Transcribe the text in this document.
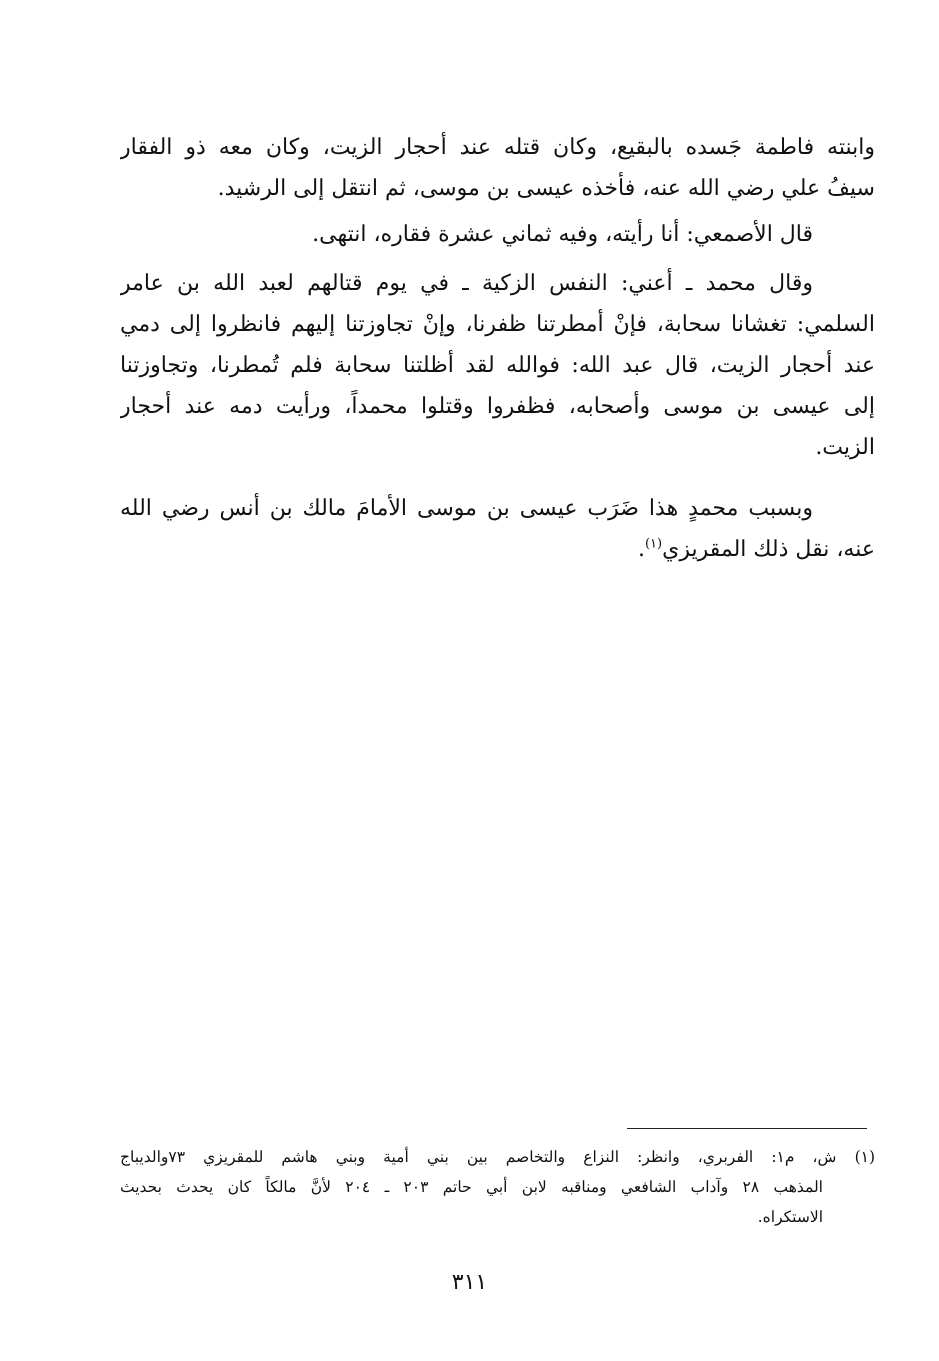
وابنته فاطمة جَسده بالبقيع، وكان قتله عند أحجار الزيت، وكان معه ذو الفقار
سيفُ علي رضي الله عنه، فأخذه عيسى بن موسى، ثم انتقل إلى الرشيد.
قال الأصمعي: أنا رأيته، وفيه ثماني عشرة فقاره، انتهى.
وقال محمد ـ أعني: النفس الزكية ـ في يوم قتالهم لعبد الله بن عامر
السلمي: تغشانا سحابة، فإنْ أمطرتنا ظفرنا، وإنْ تجاوزتنا إليهم فانظروا إلى دمي
عند أحجار الزيت، قال عبد الله: فوالله لقد أظلتنا سحابة فلم تُمطرنا، وتجاوزتنا
إلى عيسى بن موسى وأصحابه، فظفروا وقتلوا محمداً، ورأيت دمه عند أحجار
الزيت.
وبسبب محمدٍ هذا ضَرَب عيسى بن موسى الأمامَ مالك بن أنس رضي الله
عنه، نقل ذلك المقريزي$^{(١)}$.
(١) ش، م١: الفربري، وانظر: النزاع والتخاصم بين بني أمية وبني هاشم للمقريزي ٧٣والديباج
المذهب ٢٨ وآداب الشافعي ومناقبه لابن أبي حاتم ٢٠٣ ـ ٢٠٤ لأنَّ مالكاً كان يحدث بحديث
الاستكراه.
٣١١
